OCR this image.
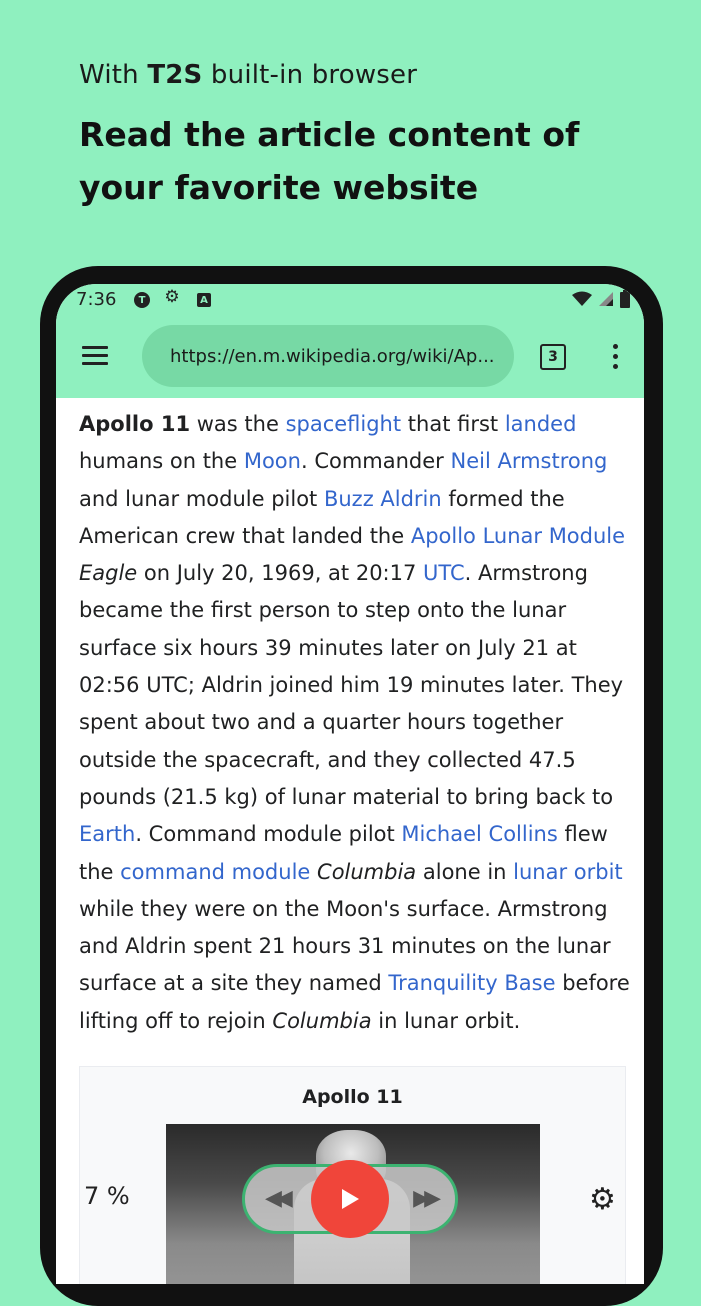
With T2S built-in browser
Read the article content of your favorite website
7:36	T ⚙	A
https://en.m.wikipedia.org/wiki/Ap...	3

Apollo 11 was the spaceflight that first landed humans on the Moon. Commander Neil Armstrong and lunar module pilot Buzz Aldrin formed the American crew that landed the Apollo Lunar Module Eagle on July 20, 1969, at 20:17 UTC. Armstrong became the first person to step onto the lunar surface six hours 39 minutes later on July 21 at 02:56 UTC; Aldrin joined him 19 minutes later. They spent about two and a quarter hours together outside the spacecraft, and they collected 47.5 pounds (21.5 kg) of lunar material to bring back to Earth. Command module pilot Michael Collins flew the command module Columbia alone in lunar orbit while they were on the Moon's surface. Armstrong and Aldrin spent 21 hours 31 minutes on the lunar surface at a site they named Tranquility Base before lifting off to rejoin Columbia in lunar orbit.

Apollo 11
7 %	◀◀	▶▶	⚙
